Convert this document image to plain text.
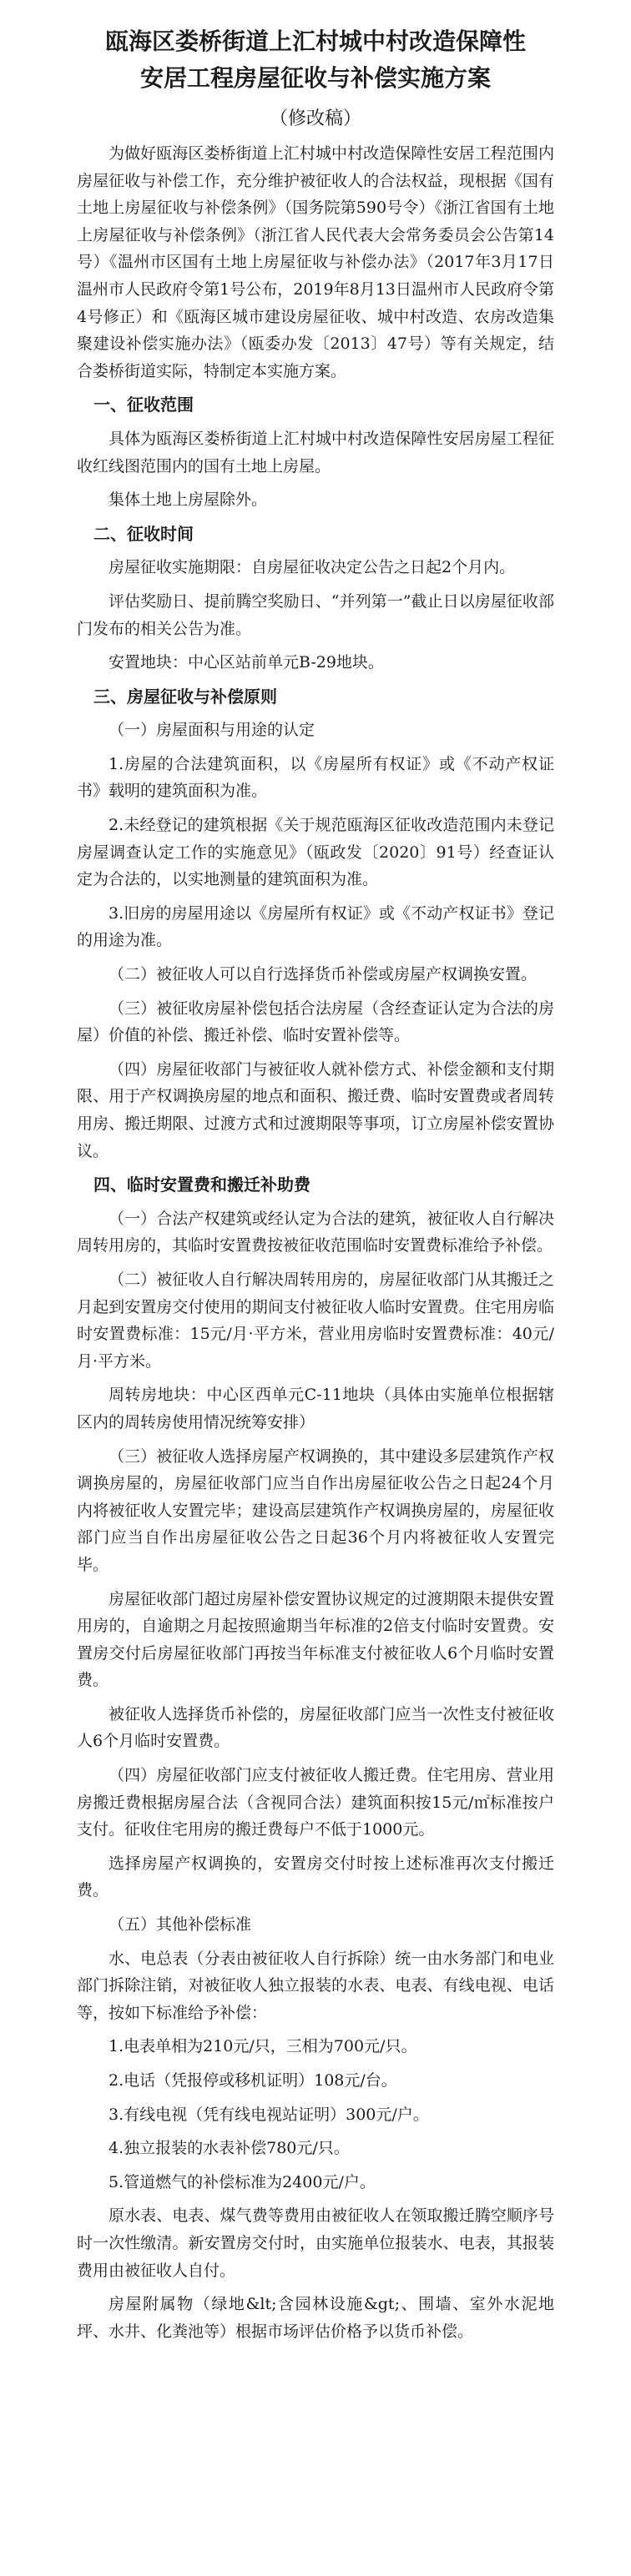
瓯海区娄桥街道上汇村城中村改造保障性
安居工程房屋征收与补偿实施方案
（修改稿）

为做好瓯海区娄桥街道上汇村城中村改造保障性安居工程范围内房屋征收与补偿工作，充分维护被征收人的合法权益，现根据《国有土地上房屋征收与补偿条例》（国务院第590号令）《浙江省国有土地上房屋征收与补偿条例》（浙江省人民代表大会常务委员会公告第14号）《温州市区国有土地上房屋征收与补偿办法》（2017年3月17日温州市人民政府令第1号公布，2019年8月13日温州市人民政府令第4号修正）和《瓯海区城市建设房屋征收、城中村改造、农房改造集聚建设补偿实施办法》（瓯委办发〔2013〕47号）等有关规定，结合娄桥街道实际，特制定本实施方案。

一、征收范围

具体为瓯海区娄桥街道上汇村城中村改造保障性安居房屋工程征收红线图范围内的国有土地上房屋。

集体土地上房屋除外。

二、征收时间

房屋征收实施期限：自房屋征收决定公告之日起2个月内。

评估奖励日、提前腾空奖励日、“并列第一”截止日以房屋征收部门发布的相关公告为准。

安置地块：中心区站前单元B-29地块。

三、房屋征收与补偿原则
（一）房屋面积与用途的认定

1.房屋的合法建筑面积，以《房屋所有权证》或《不动产权证书》载明的建筑面积为准。

2.未经登记的建筑根据《关于规范瓯海区征收改造范围内未登记房屋调查认定工作的实施意见》（瓯政发〔2020〕91号）经查证认定为合法的，以实地测量的建筑面积为准。

3.旧房的房屋用途以《房屋所有权证》或《不动产权证书》登记的用途为准。

（二）被征收人可以自行选择货币补偿或房屋产权调换安置。

（三）被征收房屋补偿包括合法房屋（含经查证认定为合法的房屋）价值的补偿、搬迁补偿、临时安置补偿等。

（四）房屋征收部门与被征收人就补偿方式、补偿金额和支付期限、用于产权调换房屋的地点和面积、搬迁费、临时安置费或者周转用房、搬迁期限、过渡方式和过渡期限等事项，订立房屋补偿安置协议。

四、临时安置费和搬迁补助费

（一）合法产权建筑或经认定为合法的建筑，被征收人自行解决周转用房的，其临时安置费按被征收范围临时安置费标准给予补偿。

（二）被征收人自行解决周转用房的，房屋征收部门从其搬迁之月起到安置房交付使用的期间支付被征收人临时安置费。住宅用房临时安置费标准：15元/月·平方米，营业用房临时安置费标准：40元/月·平方米。

周转房地块：中心区西单元C-11地块（具体由实施单位根据辖区内的周转房使用情况统筹安排）

（三）被征收人选择房屋产权调换的，其中建设多层建筑作产权调换房屋的，房屋征收部门应当自作出房屋征收公告之日起24个月内将被征收人安置完毕；建设高层建筑作产权调换房屋的，房屋征收部门应当自作出房屋征收公告之日起36个月内将被征收人安置完毕。

房屋征收部门超过房屋补偿安置协议规定的过渡期限未提供安置用房的，自逾期之月起按照逾期当年标准的2倍支付临时安置费。安置房交付后房屋征收部门再按当年标准支付被征收人6个月临时安置费。

被征收人选择货币补偿的，房屋征收部门应当一次性支付被征收人6个月临时安置费。

（四）房屋征收部门应支付被征收人搬迁费。住宅用房、营业用房搬迁费根据房屋合法（含视同合法）建筑面积按15元/㎡标准按户支付。征收住宅用房的搬迁费每户不低于1000元。

选择房屋产权调换的，安置房交付时按上述标准再次支付搬迁费。

（五）其他补偿标准

水、电总表（分表由被征收人自行拆除）统一由水务部门和电业部门拆除注销，对被征收人独立报装的水表、电表、有线电视、电话等，按如下标准给予补偿：

1.电表单相为210元/只，三相为700元/只。

2.电话（凭报停或移机证明）108元/台。

3.有线电视（凭有线电视站证明）300元/户。

4.独立报装的水表补偿780元/只。

5.管道燃气的补偿标准为2400元/户。

原水表、电表、煤气费等费用由被征收人在领取搬迁腾空顺序号时一次性缴清。新安置房交付时，由实施单位报装水、电表，其报装费用由被征收人自付。

房屋附属物（绿地&lt;含园林设施&gt;、围墙、室外水泥地坪、水井、化粪池等）根据市场评估价格予以货币补偿。
